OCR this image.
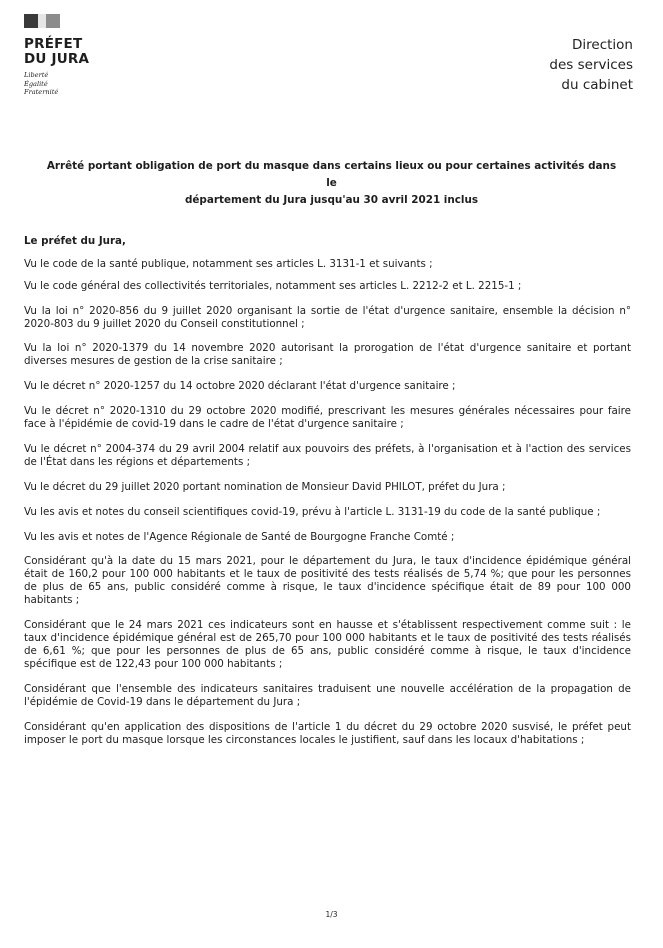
PRÉFET
DU JURA
Liberté
Égalité
Fraternité
Direction
des services
du cabinet
Arrêté portant obligation de port du masque dans certains lieux ou pour certaines activités dans le
département du Jura jusqu'au 30 avril 2021 inclus

Le préfet du Jura,

Vu le code de la santé publique, notamment ses articles L. 3131-1 et suivants ;

Vu le code général des collectivités territoriales, notamment ses articles L. 2212-2 et L. 2215-1 ;

Vu la loi n° 2020-856 du 9 juillet 2020 organisant la sortie de l'état d'urgence sanitaire, ensemble la décision n° 2020-803 du 9 juillet 2020 du Conseil constitutionnel ;

Vu la loi n° 2020-1379 du 14 novembre 2020 autorisant la prorogation de l'état d'urgence sanitaire et portant diverses mesures de gestion de la crise sanitaire ;

Vu le décret n° 2020-1257 du 14 octobre 2020 déclarant l'état d'urgence sanitaire ;

Vu le décret n° 2020-1310 du 29 octobre 2020 modifié, prescrivant les mesures générales nécessaires pour faire face à l'épidémie de covid-19 dans le cadre de l'état d'urgence sanitaire ;

Vu le décret n° 2004-374 du 29 avril 2004 relatif aux pouvoirs des préfets, à l'organisation et à l'action des services de l'État dans les régions et départements ;

Vu le décret du 29 juillet 2020 portant nomination de Monsieur David PHILOT, préfet du Jura ;

Vu les avis et notes du conseil scientifiques covid-19, prévu à l'article L. 3131-19 du code de la santé publique ;

Vu les avis et notes de l'Agence Régionale de Santé de Bourgogne Franche Comté ;

Considérant qu'à la date du 15 mars 2021, pour le département du Jura, le taux d'incidence épidémique général était de 160,2 pour 100 000 habitants et le taux de positivité des tests réalisés de 5,74 %; que pour les personnes de plus de 65 ans, public considéré comme à risque, le taux d'incidence spécifique était de 89 pour 100 000 habitants ;

Considérant que le 24 mars 2021 ces indicateurs sont en hausse et s'établissent respectivement comme suit : le taux d'incidence épidémique général est de 265,70 pour 100 000 habitants et le taux de positivité des tests réalisés de 6,61 %; que pour les personnes de plus de 65 ans, public considéré comme à risque, le taux d'incidence spécifique est de 122,43 pour 100 000 habitants ;

Considérant que l'ensemble des indicateurs sanitaires traduisent une nouvelle accélération de la propagation de l'épidémie de Covid-19 dans le département du Jura ;

Considérant qu'en application des dispositions de l'article 1 du décret du 29 octobre 2020 susvisé, le préfet peut imposer le port du masque lorsque les circonstances locales le justifient, sauf dans les locaux d'habitations ;

1/3
